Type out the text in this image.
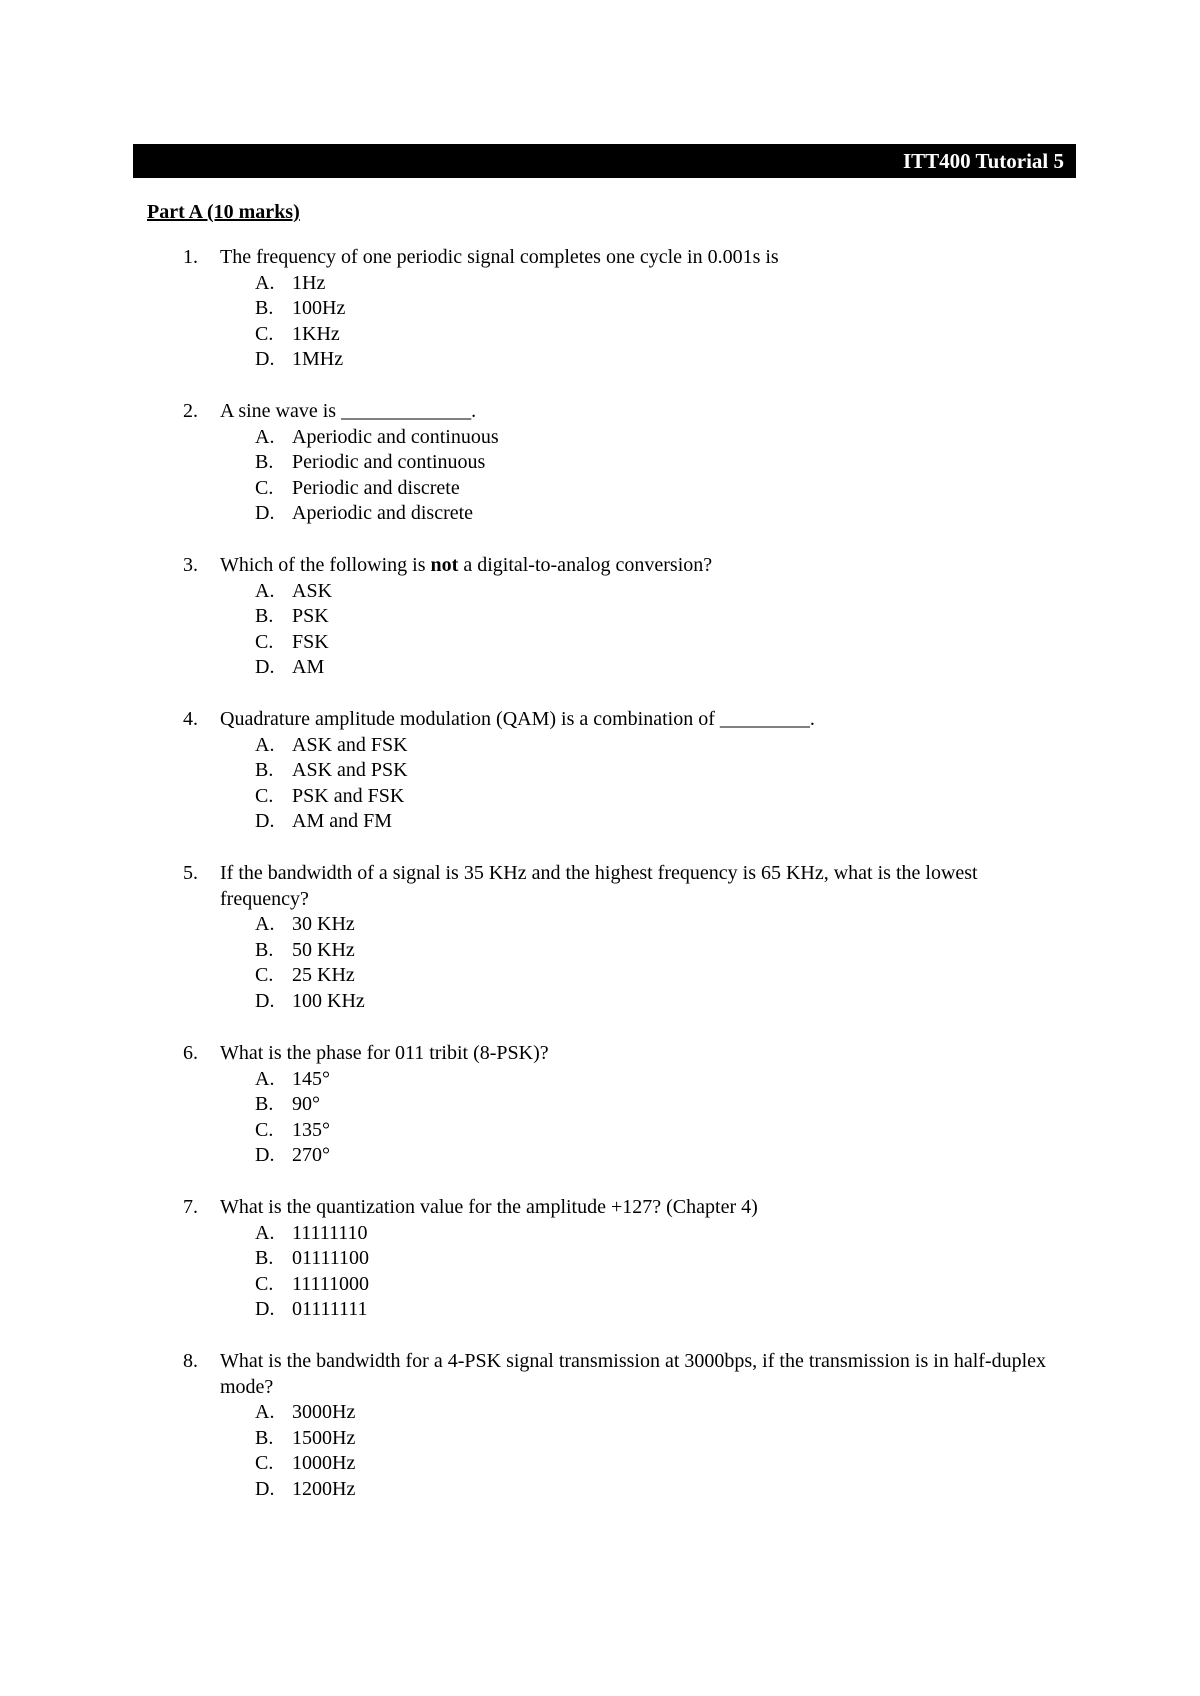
ITT400 Tutorial 5
Part A (10 marks)
1. The frequency of one periodic signal completes one cycle in 0.001s is
A. 1Hz
B. 100Hz
C. 1KHz
D. 1MHz
2. A sine wave is _____________.
A. Aperiodic and continuous
B. Periodic and continuous
C. Periodic and discrete
D. Aperiodic and discrete
3. Which of the following is not a digital-to-analog conversion?
A. ASK
B. PSK
C. FSK
D. AM
4. Quadrature amplitude modulation (QAM) is a combination of _________.
A. ASK and FSK
B. ASK and PSK
C. PSK and FSK
D. AM and FM
5. If the bandwidth of a signal is 35 KHz and the highest frequency is 65 KHz, what is the lowest frequency?
A. 30 KHz
B. 50 KHz
C. 25 KHz
D. 100 KHz
6. What is the phase for 011 tribit (8-PSK)?
A. 145°
B. 90°
C. 135°
D. 270°
7. What is the quantization value for the amplitude +127? (Chapter 4)
A. 11111110
B. 01111100
C. 11111000
D. 01111111
8. What is the bandwidth for a 4-PSK signal transmission at 3000bps, if the transmission is in half-duplex mode?
A. 3000Hz
B. 1500Hz
C. 1000Hz
D. 1200Hz
